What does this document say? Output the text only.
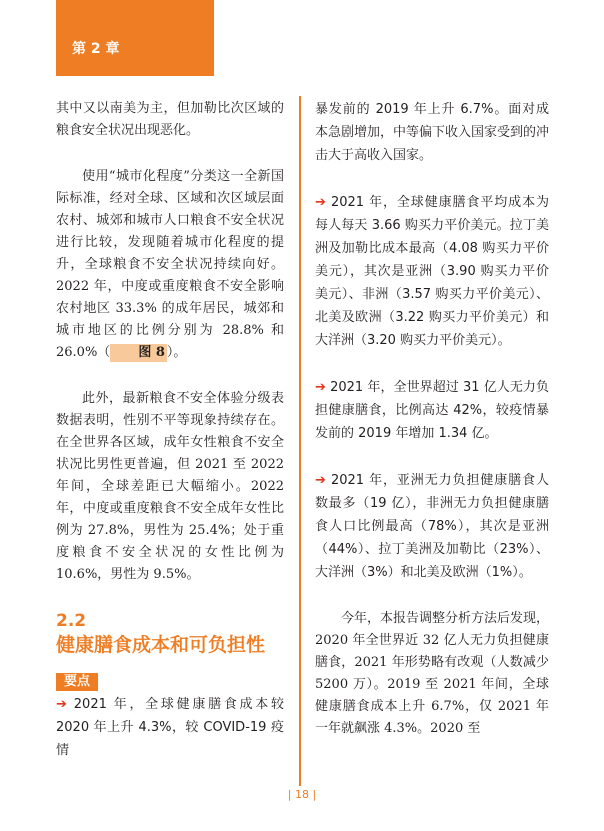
第 2 章

其中又以南美为主，但加勒比次区域的粮食安全状况出现恶化。

使用“城市化程度”分类这一全新国际标准，经对全球、区域和次区域层面农村、城郊和城市人口粮食不安全状况进行比较，发现随着城市化程度的提升，全球粮食不安全状况持续向好。2022 年，中度或重度粮食不安全影响农村地区 33.3% 的成年居民，城郊和城市地区的比例分别为 28.8% 和 26.0%（ 图 8 ）。

此外，最新粮食不安全体验分级表数据表明，性别不平等现象持续存在。在全世界各区域，成年女性粮食不安全状况比男性更普遍，但 2021 至 2022 年间，全球差距已大幅缩小。2022 年，中度或重度粮食不安全成年女性比例为 27.8%，男性为 25.4%；处于重度粮食不安全状况的女性比例为 10.6%，男性为 9.5%。

2.2
健康膳食成本和可负担性
要点

➔ 2021 年，全球健康膳食成本较 2020 年上升 4.3%，较 COVID-19 疫情

暴发前的 2019 年上升 6.7%。面对成本急剧增加，中等偏下收入国家受到的冲击大于高收入国家。

➔ 2021 年，全球健康膳食平均成本为每人每天 3.66 购买力平价美元。拉丁美洲及加勒比成本最高（4.08 购买力平价美元），其次是亚洲（3.90 购买力平价美元）、非洲（3.57 购买力平价美元）、北美及欧洲（3.22 购买力平价美元）和大洋洲（3.20 购买力平价美元）。

➔ 2021 年，全世界超过 31 亿人无力负担健康膳食，比例高达 42%，较疫情暴发前的 2019 年增加 1.34 亿。

➔ 2021 年，亚洲无力负担健康膳食人数最多（19 亿），非洲无力负担健康膳食人口比例最高（78%），其次是亚洲（44%）、拉丁美洲及加勒比（23%）、大洋洲（3%）和北美及欧洲（1%）。

今年，本报告调整分析方法后发现，2020 年全世界近 32 亿人无力负担健康膳食，2021 年形势略有改观（人数减少 5200 万）。2019 至 2021 年间，全球健康膳食成本上升 6.7%，仅 2021 年一年就飙涨 4.3%。2020 至

| 18 |
